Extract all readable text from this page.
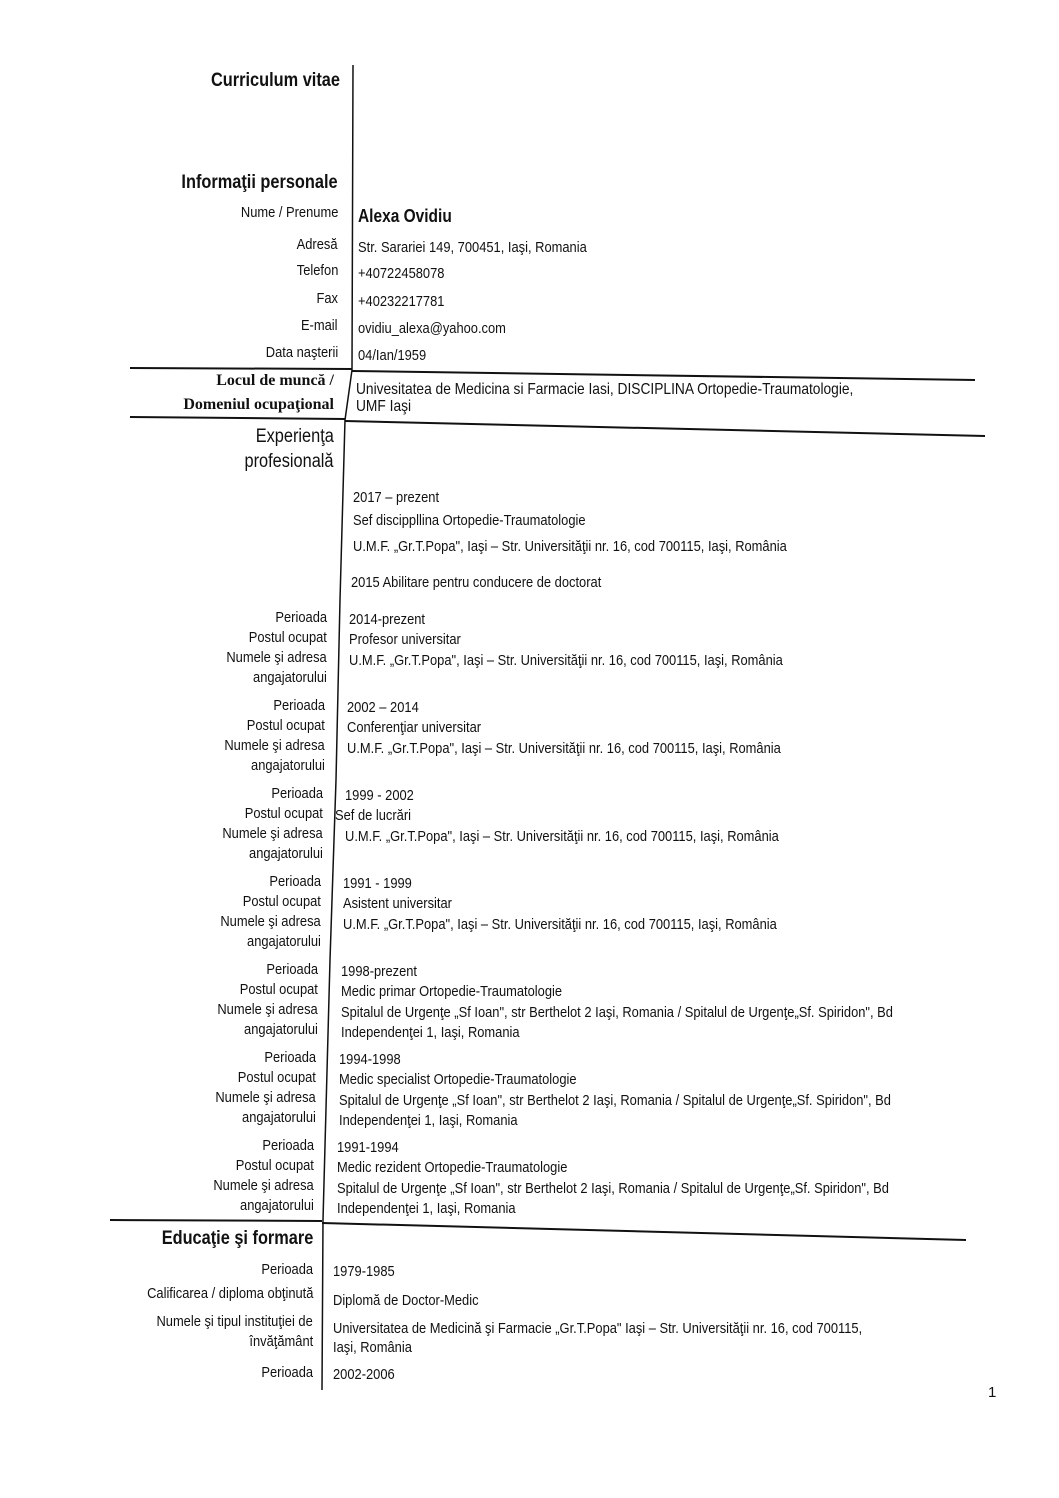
Curriculum vitae
Informaţii personale
Nume / Prenume Alexa Ovidiu
Adresă Str. Sarariei 149, 700451, Iaşi, Romania
Telefon +40722458078
Fax +40232217781
E-mail ovidiu_alexa@yahoo.com
Data naşterii 04/Ian/1959
Locul de muncă /
Domeniul ocupaţional
Univesitatea de Medicina si Farmacie Iasi, DISCIPLINA Ortopedie-Traumatologie,
UMF Iaşi
Experienţa
profesională
2017 – prezent
Sef discippllina Ortopedie-Traumatologie
U.M.F. „Gr.T.Popa", Iaşi – Str. Universităţii nr. 16, cod 700115, Iaşi, România
2015 Abilitare pentru conducere de doctorat
Perioada 2014-prezent
Postul ocupat Profesor universitar
Numele şi adresa U.M.F. „Gr.T.Popa", Iaşi – Str. Universităţii nr. 16, cod 700115, Iaşi, România
angajatorului
Perioada 2002 – 2014
Postul ocupat Conferenţiar universitar
Numele şi adresa U.M.F. „Gr.T.Popa", Iaşi – Str. Universităţii nr. 16, cod 700115, Iaşi, România
angajatorului
Perioada 1999 - 2002
Postul ocupat Sef de lucrări
Numele şi adresa U.M.F. „Gr.T.Popa", Iaşi – Str. Universităţii nr. 16, cod 700115, Iaşi, România
angajatorului
Perioada 1991 - 1999
Postul ocupat Asistent universitar
Numele şi adresa U.M.F. „Gr.T.Popa", Iaşi – Str. Universităţii nr. 16, cod 700115, Iaşi, România
angajatorului
Perioada 1998-prezent
Postul ocupat Medic primar Ortopedie-Traumatologie
Numele şi adresa Spitalul de Urgenţe „Sf Ioan", str Berthelot 2 Iaşi, Romania / Spitalul de Urgenţe„Sf. Spiridon", Bd
angajatorului Independenţei 1, Iaşi, Romania
Perioada 1994-1998
Postul ocupat Medic specialist Ortopedie-Traumatologie
Numele şi adresa Spitalul de Urgenţe „Sf Ioan", str Berthelot 2 Iaşi, Romania / Spitalul de Urgenţe„Sf. Spiridon", Bd
angajatorului Independenţei 1, Iaşi, Romania
Perioada 1991-1994
Postul ocupat Medic rezident Ortopedie-Traumatologie
Numele şi adresa Spitalul de Urgenţe „Sf Ioan", str Berthelot 2 Iaşi, Romania / Spitalul de Urgenţe„Sf. Spiridon", Bd
angajatorului Independenţei 1, Iaşi, Romania
Educaţie şi formare
Perioada 1979-1985
Calificarea / diploma obţinută Diplomă de Doctor-Medic
Numele şi tipul instituţiei de
învăţământ
Universitatea de Medicină şi Farmacie „Gr.T.Popa" Iaşi – Str. Universităţii nr. 16, cod 700115,
Iaşi, România
Perioada 2002-2006
1
